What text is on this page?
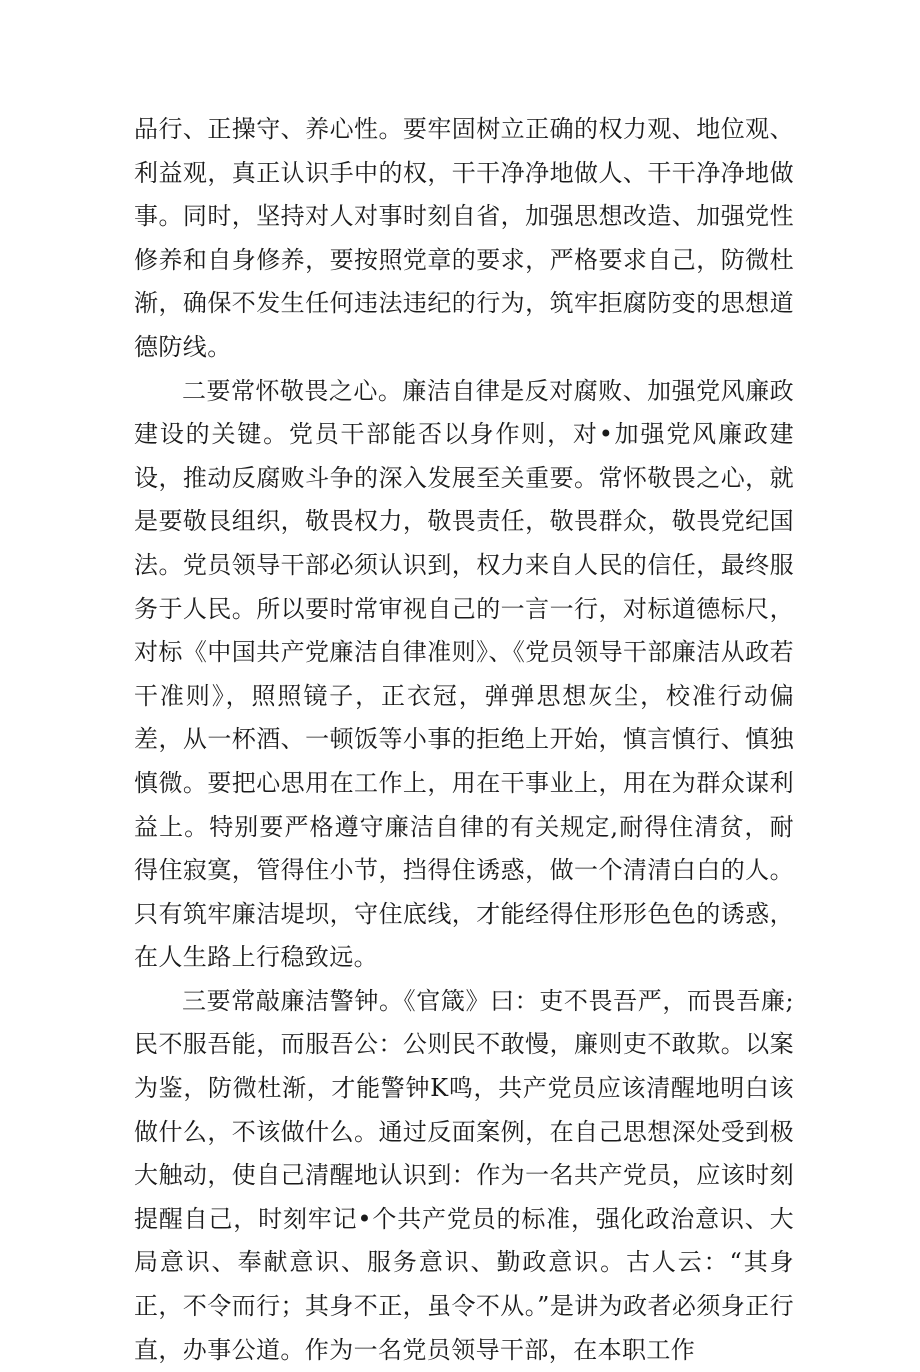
品行、正操守、养心性。要牢固树立正确的权力观、地位观、利益观，真正认识手中的权，干干净净地做人、干干净净地做事。同时，坚持对人对事时刻自省，加强思想改造、加强党性修养和自身修养，要按照党章的要求，严格要求自己，防微杜渐，确保不发生任何违法违纪的行为，筑牢拒腐防变的思想道德防线。

二要常怀敬畏之心。廉洁自律是反对腐败、加强党风廉政建设的关键。党员干部能否以身作则，对•加强党风廉政建设，推动反腐败斗争的深入发展至关重要。常怀敬畏之心，就是要敬艮组织，敬畏权力，敬畏责任，敬畏群众，敬畏党纪国法。党员领导干部必须认识到，权力来自人民的信任，最终服务于人民。所以要时常审视自己的一言一行，对标道德标尺，对标《中国共产党廉洁自律准则》、《党员领导干部廉洁从政若干准则》，照照镜子，正衣冠，弹弹思想灰尘，校准行动偏差，从一杯酒、一顿饭等小事的拒绝上开始，慎言慎行、慎独慎微。要把心思用在工作上，用在干事业上，用在为群众谋利益上。特别要严格遵守廉洁自律的有关规定,耐得住清贫，耐得住寂寞，管得住小节，挡得住诱惑，做一个清清白白的人。只有筑牢廉洁堤坝，守住底线，才能经得住形形色色的诱惑，在人生路上行稳致远。

三要常敲廉洁警钟。《官箴》曰：吏不畏吾严，而畏吾廉;民不服吾能，而服吾公：公则民不敢慢，廉则吏不敢欺。以案为鉴，防微杜渐，才能警钟K鸣，共产党员应该清醒地明白该做什么，不该做什么。通过反面案例，在自己思想深处受到极大触动，使自己清醒地认识到：作为一名共产党员，应该时刻提醒自己，时刻牢记•个共产党员的标准，强化政治意识、大局意识、奉献意识、服务意识、勤政意识。古人云：“其身正，不令而行；其身不正，虽令不从。”是讲为政者必须身正行直，办事公道。作为一名党员领导干部，在本职工作
